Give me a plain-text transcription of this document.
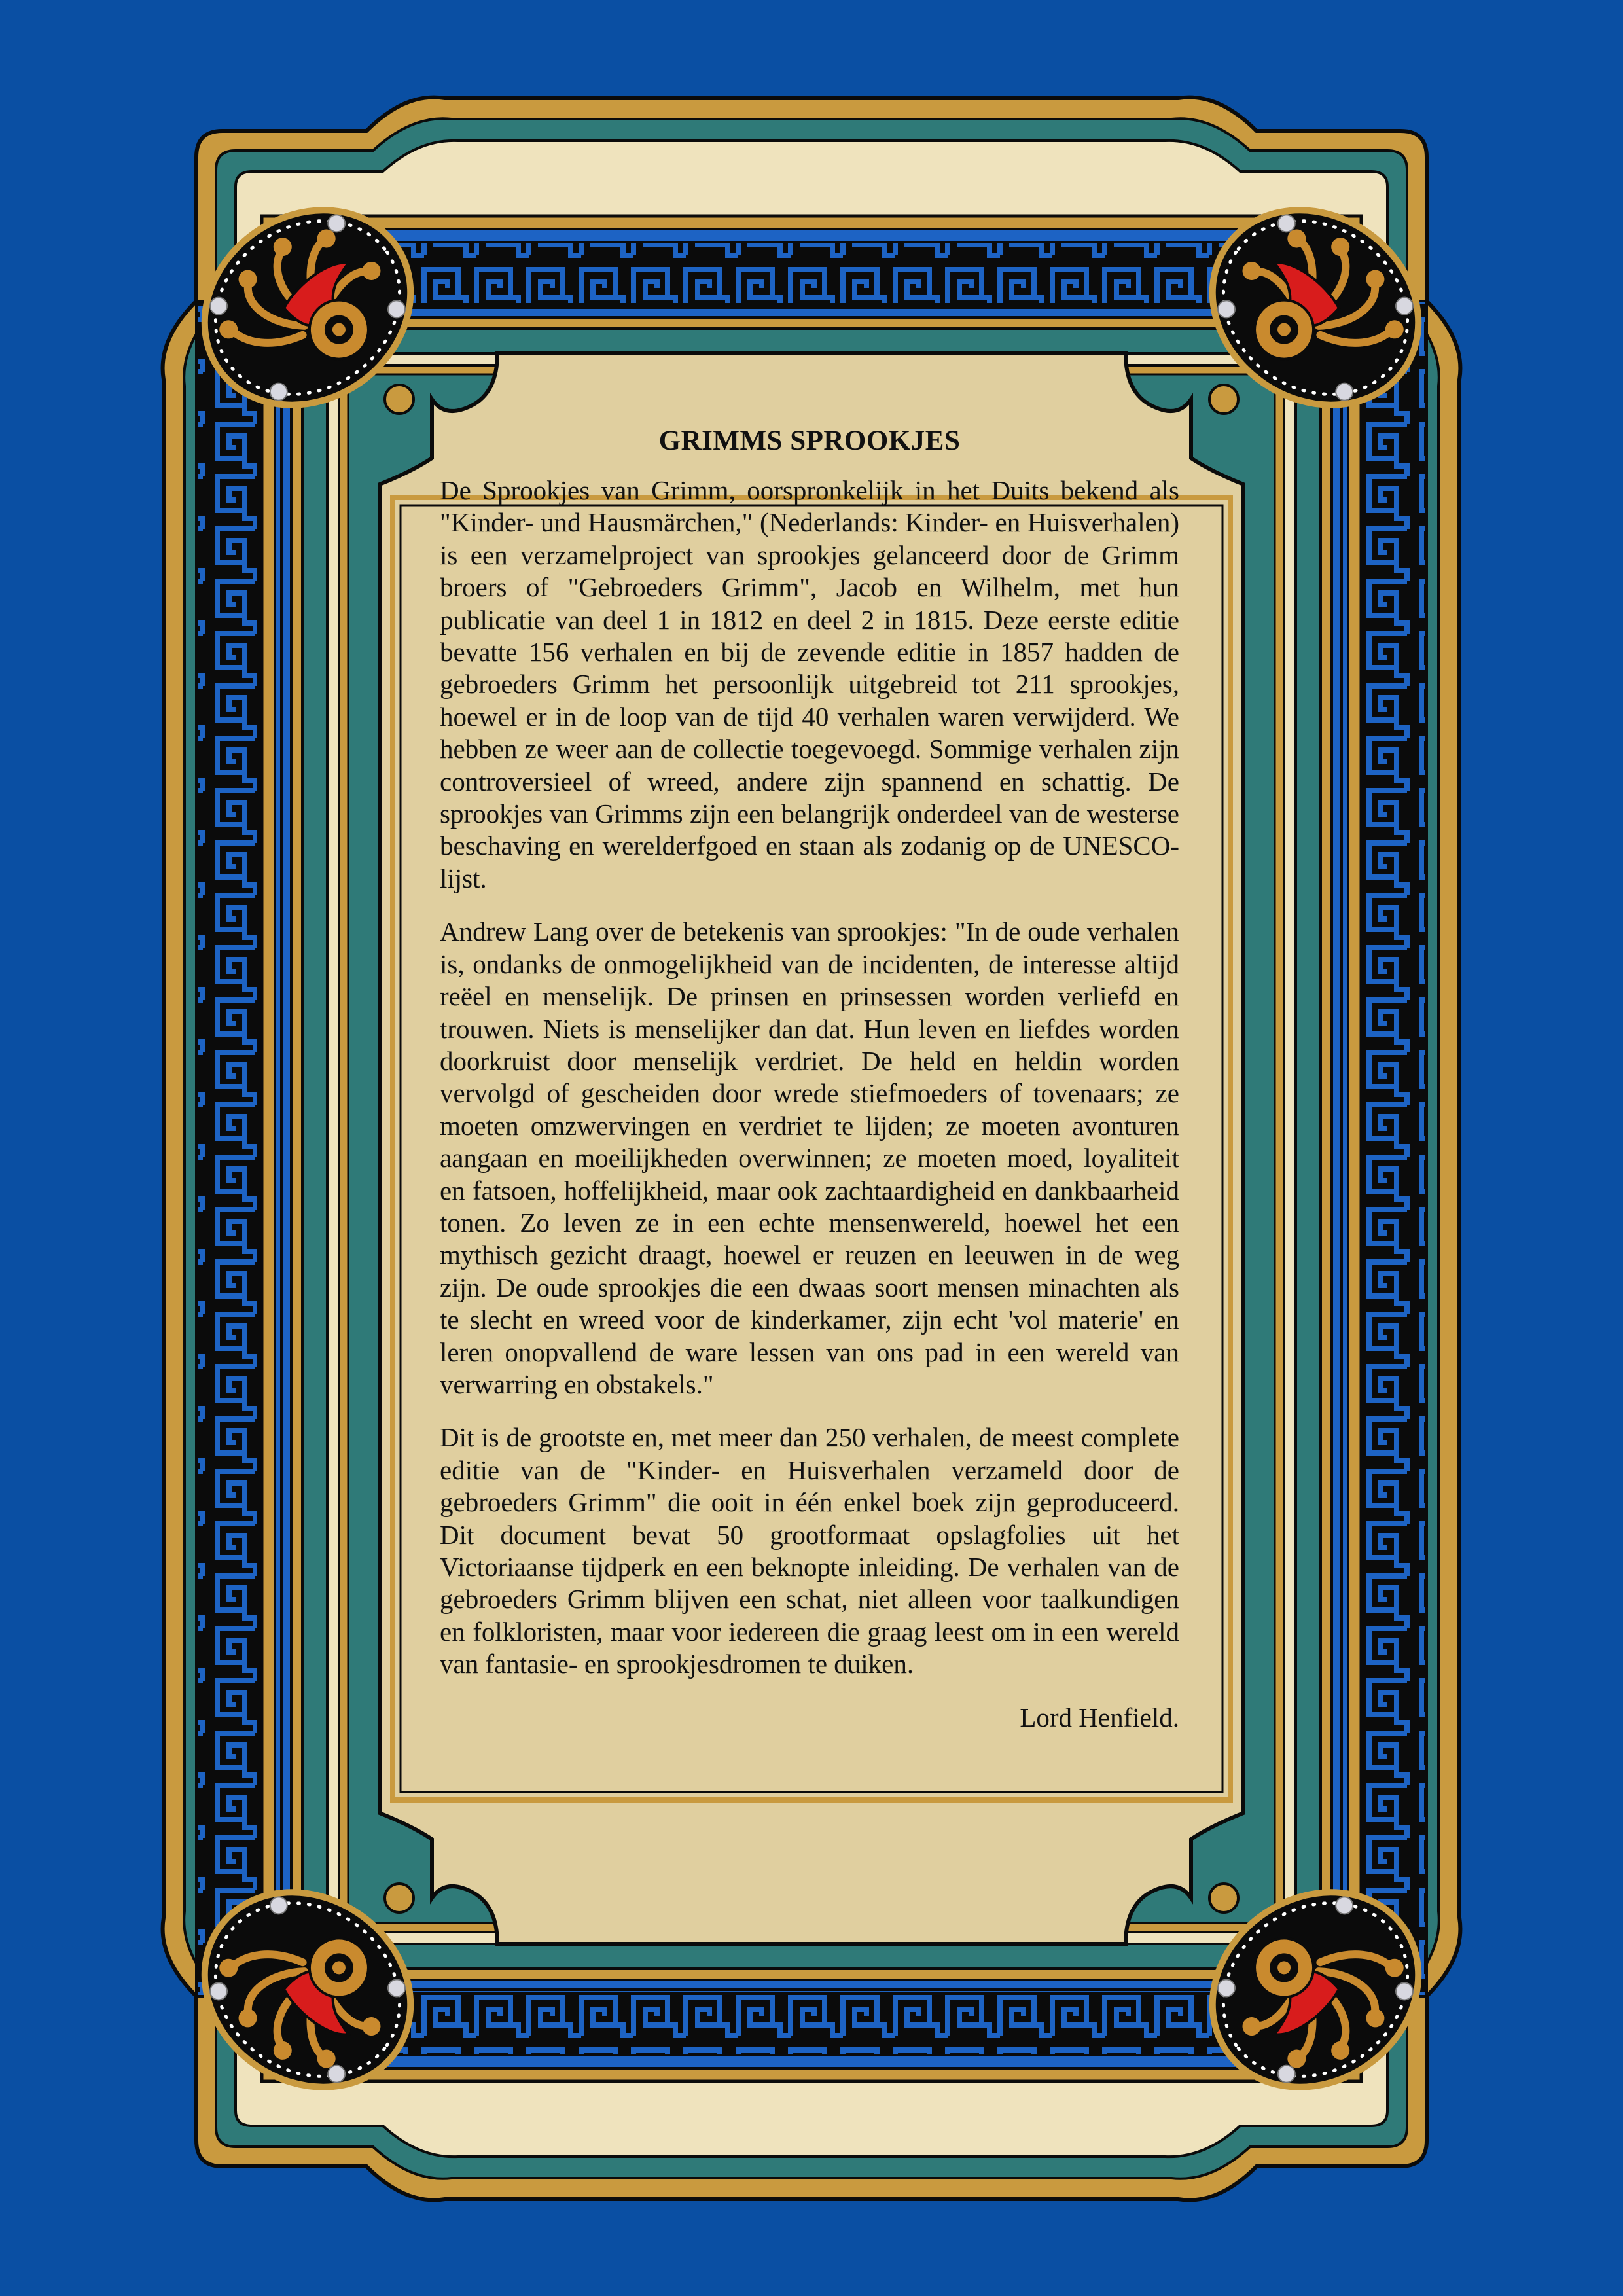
GRIMMS SPROOKJES

De Sprookjes van Grimm, oorspronkelijk in het Duits bekend als "Kinder- und Hausmärchen," (Nederlands: Kinder- en Huisverhalen) is een verzamelproject van sprookjes gelanceerd door de Grimm broers of "Gebroeders Grimm", Jacob en Wilhelm, met hun publicatie van deel 1 in 1812 en deel 2 in 1815. Deze eerste editie bevatte 156 verhalen en bij de zevende editie in 1857 hadden de gebroeders Grimm het persoonlijk uitgebreid tot 211 sprookjes, hoewel er in de loop van de tijd 40 verhalen waren verwijderd. We hebben ze weer aan de collectie toegevoegd. Sommige verhalen zijn controversieel of wreed, andere zijn spannend en schattig. De sprookjes van Grimms zijn een belangrijk onderdeel van de westerse beschaving en werelderfgoed en staan als zodanig op de UNESCO-lijst.

Andrew Lang over de betekenis van sprookjes: "In de oude verhalen is, ondanks de onmogelijkheid van de incidenten, de interesse altijd reëel en menselijk. De prinsen en prinsessen worden verliefd en trouwen. Niets is menselijker dan dat. Hun leven en liefdes worden doorkruist door menselijk verdriet. De held en heldin worden vervolgd of gescheiden door wrede stiefmoeders of tovenaars; ze moeten omzwervingen en verdriet te lijden; ze moeten avonturen aangaan en moeilijkheden overwinnen; ze moeten moed, loyaliteit en fatsoen, hoffelijkheid, maar ook zachtaardigheid en dankbaarheid tonen. Zo leven ze in een echte mensenwereld, hoewel het een mythisch gezicht draagt, hoewel er reuzen en leeuwen in de weg zijn. De oude sprookjes die een dwaas soort mensen minachten als te slecht en wreed voor de kinderkamer, zijn echt 'vol materie' en leren onopvallend de ware lessen van ons pad in een wereld van verwarring en obstakels."

Dit is de grootste en, met meer dan 250 verhalen, de meest complete editie van de "Kinder- en Huisverhalen verzameld door de gebroeders Grimm" die ooit in één enkel boek zijn geproduceerd. Dit document bevat 50 grootformaat opslagfolies uit het Victoriaanse tijdperk en een beknopte inleiding. De verhalen van de gebroeders Grimm blijven een schat, niet alleen voor taalkundigen en folkloristen, maar voor iedereen die graag leest om in een wereld van fantasie- en sprookjesdromen te duiken.

Lord Henfield.
